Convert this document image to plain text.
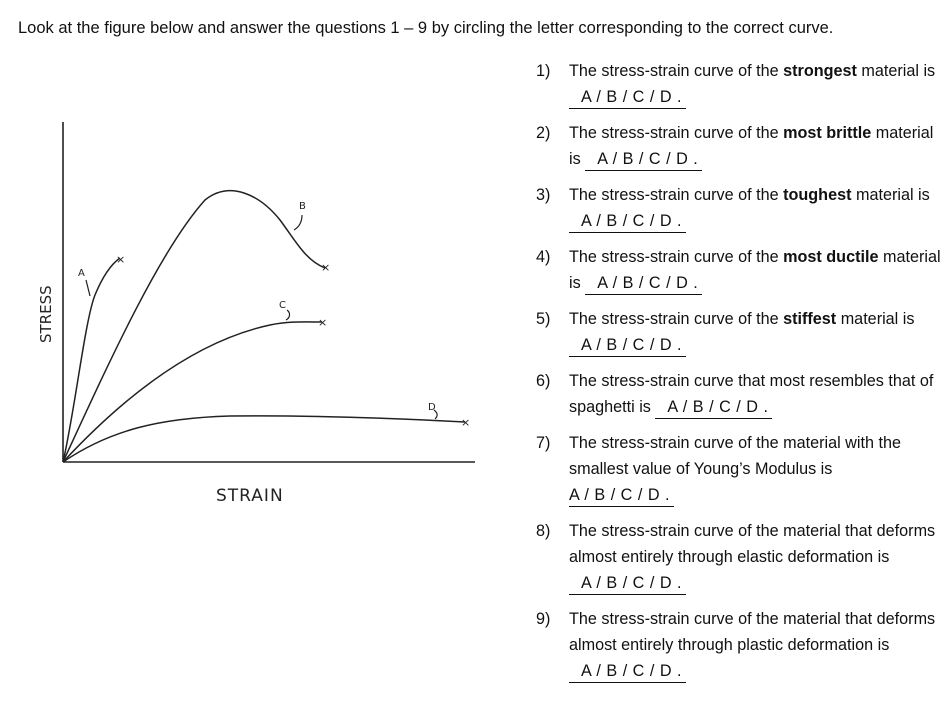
Look at the figure below and answer the questions 1 – 9 by circling the letter corresponding to the correct curve.
×
×
×
×
A
B
C
D
STRESS
STRAIN
1) The stress-strain curve of the strongest material is A / B / C / D .
2) The stress-strain curve of the most brittle material is A / B / C / D .
3) The stress-strain curve of the toughest material is A / B / C / D .
4) The stress-strain curve of the most ductile material is A / B / C / D .
5) The stress-strain curve of the stiffest material is A / B / C / D .
6) The stress-strain curve that most resembles that of spaghetti is A / B / C / D .
7) The stress-strain curve of the material with the smallest value of Young’s Modulus is A / B / C / D .
8) The stress-strain curve of the material that deforms almost entirely through elastic deformation is A / B / C / D .
9) The stress-strain curve of the material that deforms almost entirely through plastic deformation is A / B / C / D .
